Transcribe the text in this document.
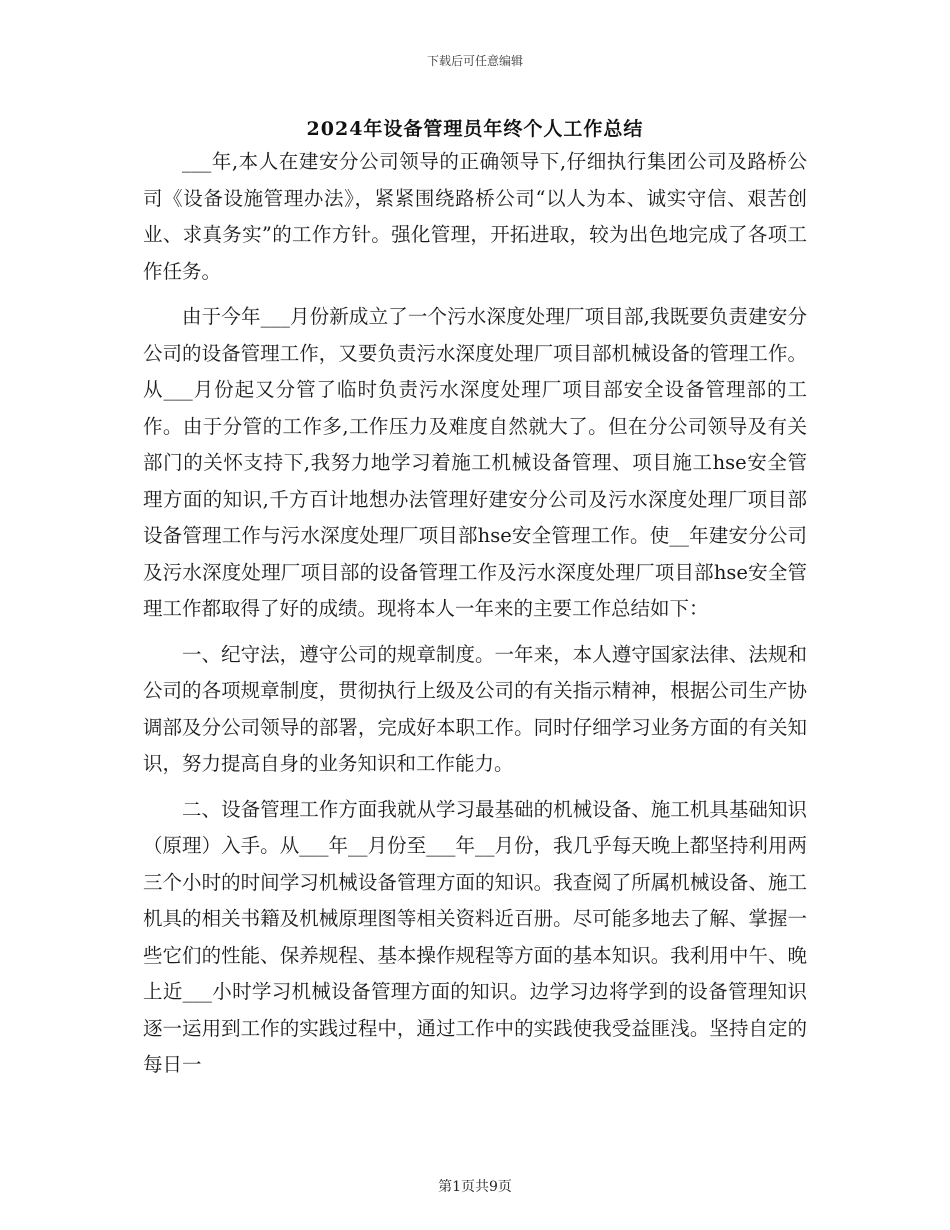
下载后可任意编辑
2024年设备管理员年终个人工作总结

___年,本人在建安分公司领导的正确领导下,仔细执行集团公司及路桥公司《设备设施管理办法》，紧紧围绕路桥公司“以人为本、诚实守信、艰苦创业、求真务实”的工作方针。强化管理，开拓进取，较为出色地完成了各项工作任务。

由于今年___月份新成立了一个污水深度处理厂项目部,我既要负责建安分公司的设备管理工作，又要负责污水深度处理厂项目部机械设备的管理工作。从___月份起又分管了临时负责污水深度处理厂项目部安全设备管理部的工作。由于分管的工作多,工作压力及难度自然就大了。但在分公司领导及有关部门的关怀支持下,我努力地学习着施工机械设备管理、项目施工hse安全管理方面的知识,千方百计地想办法管理好建安分公司及污水深度处理厂项目部设备管理工作与污水深度处理厂项目部hse安全管理工作。使__年建安分公司及污水深度处理厂项目部的设备管理工作及污水深度处理厂项目部hse安全管理工作都取得了好的成绩。现将本人一年来的主要工作总结如下：

一、纪守法，遵守公司的规章制度。一年来，本人遵守国家法律、法规和公司的各项规章制度，贯彻执行上级及公司的有关指示精神，根据公司生产协调部及分公司领导的部署，完成好本职工作。同时仔细学习业务方面的有关知识，努力提高自身的业务知识和工作能力。

二、设备管理工作方面我就从学习最基础的机械设备、施工机具基础知识（原理）入手。从___年__月份至___年__月份，我几乎每天晚上都坚持利用两三个小时的时间学习机械设备管理方面的知识。我查阅了所属机械设备、施工机具的相关书籍及机械原理图等相关资料近百册。尽可能多地去了解、掌握一些它们的性能、保养规程、基本操作规程等方面的基本知识。我利用中午、晚上近___小时学习机械设备管理方面的知识。边学习边将学到的设备管理知识逐一运用到工作的实践过程中，通过工作中的实践使我受益匪浅。坚持自定的每日一

第1页共9页
